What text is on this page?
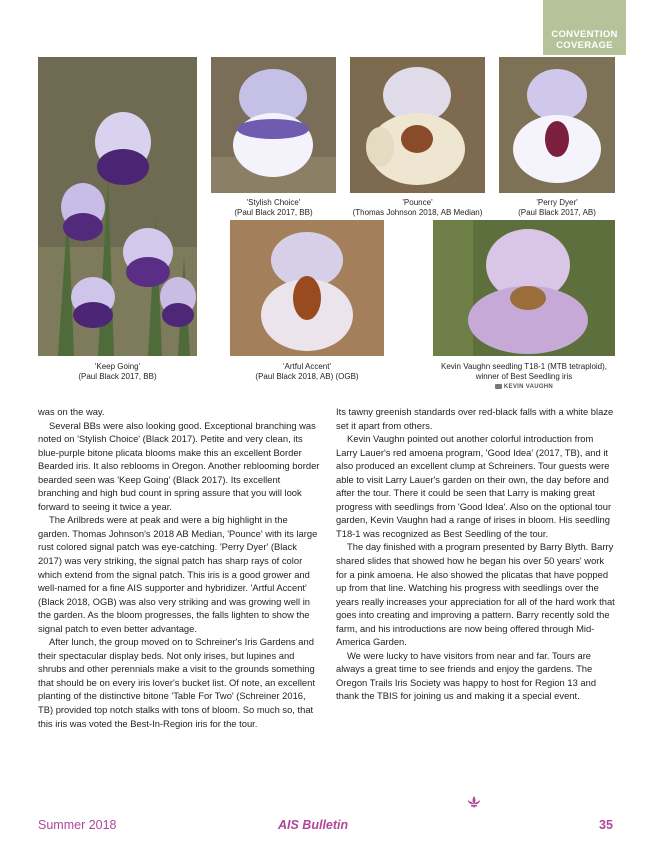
CONVENTION
COVERAGE
'Keep Going'
(Paul Black 2017, BB)
'Stylish Choice'
(Paul Black 2017, BB)
'Pounce'
(Thomas Johnson 2018, AB Median)
'Perry Dyer'
(Paul Black 2017, AB)
'Artful Accent'
(Paul Black 2018, AB) (OGB)
Kevin Vaughn seedling T18-1 (MTB tetraploid),
winner of Best Seedling iris
KEVIN VAUGHN

was on the way.

Several BBs were also looking good. Exceptional branching was noted on 'Stylish Choice' (Black 2017). Petite and very clean, its blue-purple bitone plicata blooms make this an excellent Border Bearded iris. It also reblooms in Oregon. Another reblooming border bearded seen was 'Keep Going' (Black 2017). Its excellent branching and high bud count in spring assure that you will look forward to seeing it twice a year.

The Arilbreds were at peak and were a big highlight in the garden. Thomas Johnson's 2018 AB Median, 'Pounce' with its large rust colored signal patch was eye-catching. 'Perry Dyer' (Black 2017) was very striking, the signal patch has sharp rays of color which extend from the signal patch. This iris is a good grower and well-named for a fine AIS supporter and hybridizer. 'Artful Accent' (Black 2018, OGB) was also very striking and was growing well in the garden. As the bloom progresses, the falls lighten to show the signal patch to even better advantage.

After lunch, the group moved on to Schreiner's Iris Gardens and their spectacular display beds. Not only irises, but lupines and shrubs and other perennials make a visit to the grounds something that should be on every iris lover's bucket list. Of note, an excellent planting of the distinctive bitone 'Table For Two' (Schreiner 2016, TB) provided top notch stalks with tons of bloom. So much so, that this iris was voted the Best-In-Region iris for the tour.

Its tawny greenish standards over red-black falls with a white blaze set it apart from others.

Kevin Vaughn pointed out another colorful introduction from Larry Lauer's red amoena program, 'Good Idea' (2017, TB), and it also produced an excellent clump at Schreiners. Tour guests were able to visit Larry Lauer's garden on their own, the day before and after the tour. There it could be seen that Larry is making great progress with seedlings from 'Good Idea'. Also on the optional tour garden, Kevin Vaughn had a range of irises in bloom. His seedling T18-1 was recognized as Best Seedling of the tour.

The day finished with a program presented by Barry Blyth. Barry shared slides that showed how he began his over 50 years' work for a pink amoena. He also showed the plicatas that have popped up from that line. Watching his progress with seedlings over the years really increases your appreciation for all of the hard work that goes into creating and improving a pattern. Barry recently sold the farm, and his introductions are now being offered through Mid-America Garden.

We were lucky to have visitors from near and far. Tours are always a great time to see friends and enjoy the gardens. The Oregon Trails Iris Society was happy to host for Region 13 and thank the TBIS for joining us and making it a special event.

Summer 2018	AIS Bulletin	35
